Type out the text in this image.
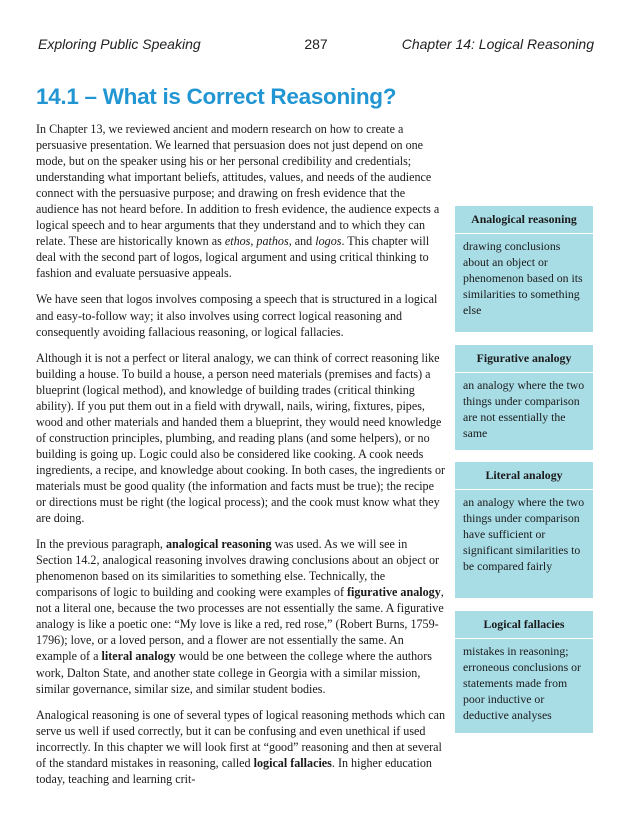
Exploring Public Speaking	287	Chapter 14: Logical Reasoning
14.1 – What is Correct Reasoning?

In Chapter 13, we reviewed ancient and modern research on how to create a persuasive presentation. We learned that persuasion does not just depend on one mode, but on the speaker using his or her personal credibility and credentials; understanding what important beliefs, attitudes, values, and needs of the audience connect with the persuasive purpose; and drawing on fresh evidence that the audience has not heard before. In addition to fresh evidence, the audience expects a logical speech and to hear arguments that they understand and to which they can relate. These are historically known as ethos, pathos, and logos. This chapter will deal with the second part of logos, logical argument and using critical thinking to fashion and evaluate persuasive appeals.

We have seen that logos involves composing a speech that is structured in a logical and easy-to-follow way; it also involves using correct logical reasoning and consequently avoiding fallacious reasoning, or logical fallacies.

Although it is not a perfect or literal analogy, we can think of correct reasoning like building a house. To build a house, a person need materials (premises and facts) a blueprint (logical method), and knowledge of building trades (critical thinking ability). If you put them out in a field with drywall, nails, wiring, fixtures, pipes, wood and other materials and handed them a blueprint, they would need knowledge of construction principles, plumbing, and reading plans (and some helpers), or no building is going up. Logic could also be considered like cooking. A cook needs ingredients, a recipe, and knowledge about cooking. In both cases, the ingredients or materials must be good quality (the information and facts must be true); the recipe or directions must be right (the logical process); and the cook must know what they are doing.

In the previous paragraph, analogical reasoning was used. As we will see in Section 14.2, analogical reasoning involves drawing conclusions about an object or phenomenon based on its similarities to something else. Technically, the comparisons of logic to building and cooking were examples of figurative analogy, not a literal one, because the two processes are not essentially the same. A figurative analogy is like a poetic one: “My love is like a red, red rose,” (Robert Burns, 1759-1796); love, or a loved person, and a flower are not essentially the same. An example of a literal analogy would be one between the college where the authors work, Dalton State, and another state college in Georgia with a similar mission, similar governance, similar size, and similar student bodies.

Analogical reasoning is one of several types of logical reasoning methods which can serve us well if used correctly, but it can be confusing and even unethical if used incorrectly. In this chapter we will look first at “good” reasoning and then at several of the standard mistakes in reasoning, called logical fallacies. In higher education today, teaching and learning crit-

Analogical reasoning

drawing conclusions about an object or phenomenon based on its similarities to something else

Figurative analogy

an analogy where the two things under comparison are not essentially the same

Literal analogy

an analogy where the two things under comparison have sufficient or significant similarities to be compared fairly

Logical fallacies

mistakes in reasoning; erroneous conclusions or statements made from poor inductive or deductive analyses
